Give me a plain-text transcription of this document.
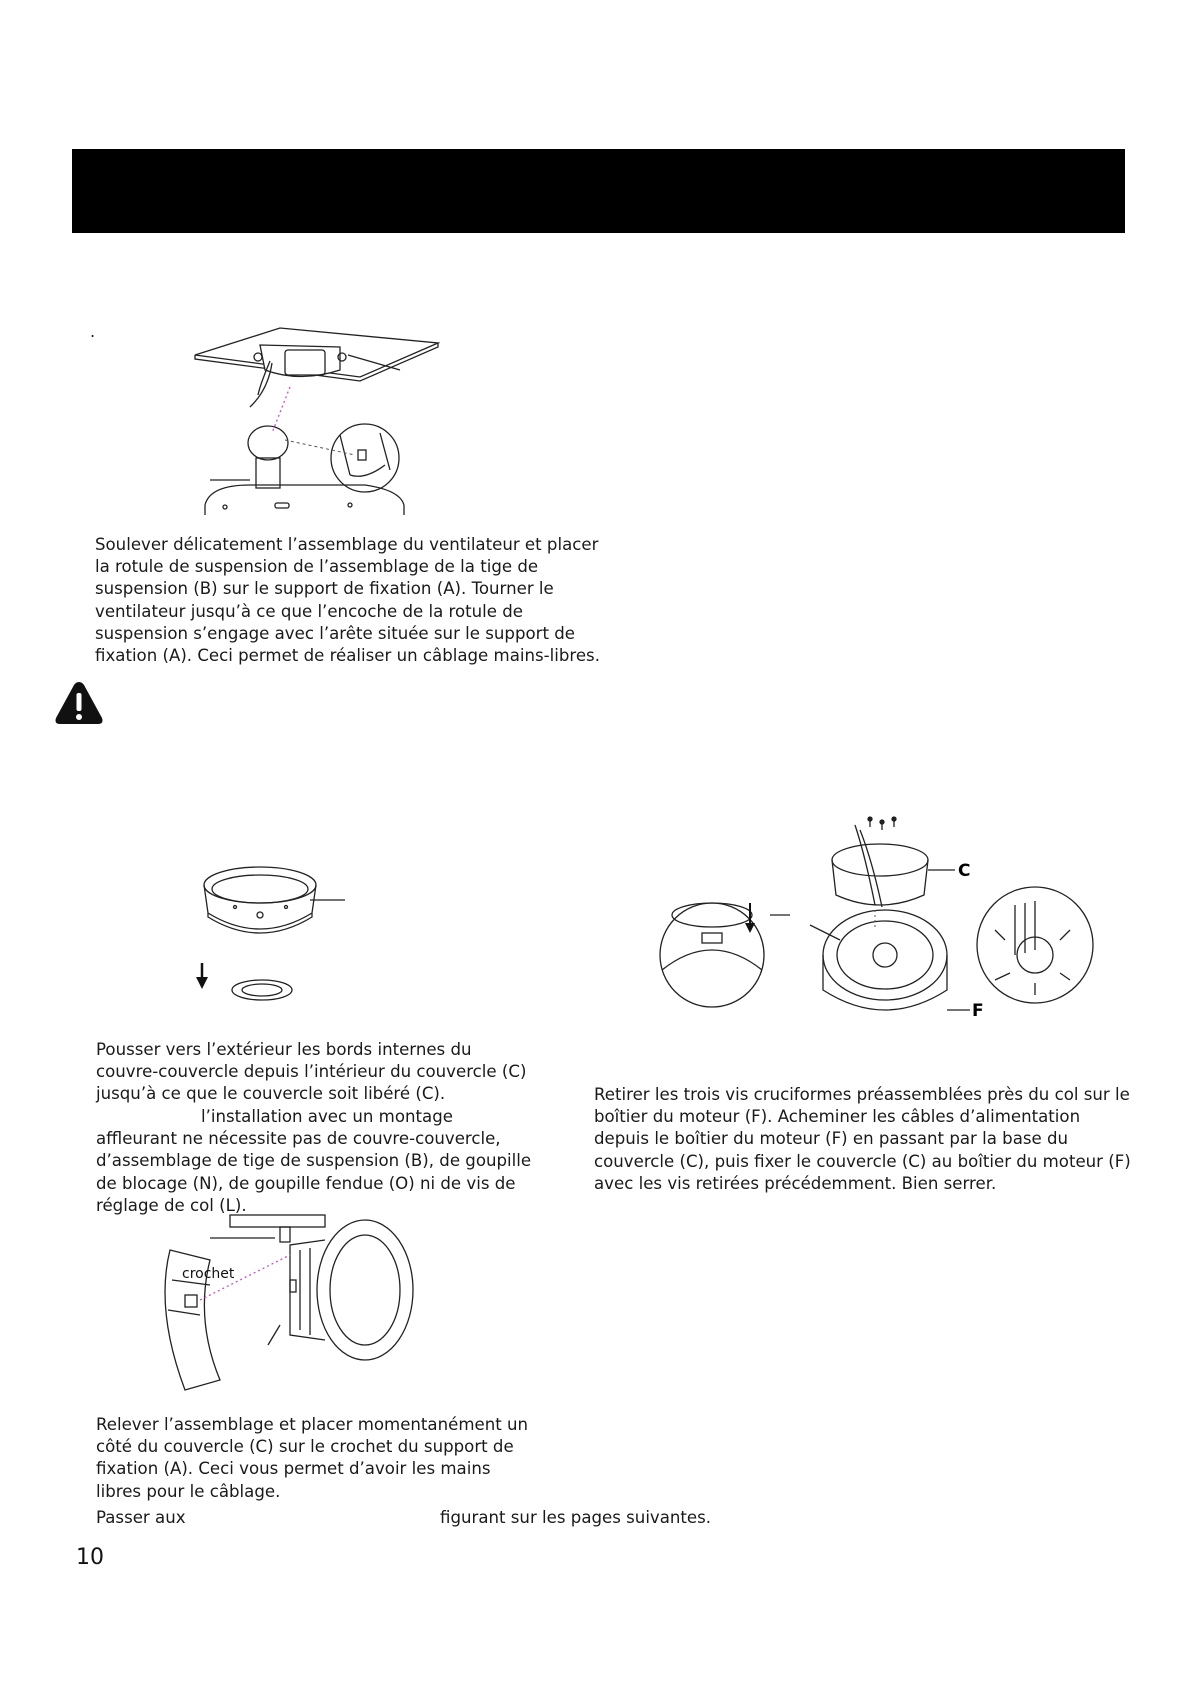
.

Soulever délicatement l’assemblage du ventilateur et placer la rotule de suspension de l’assemblage de la tige de suspension (B) sur le support de fixation (A). Tourner le ventilateur jusqu’à ce que l’encoche de la rotule de suspension s’engage avec l’arête située sur le support de fixation (A). Ceci permet de réaliser un câblage mains-libres.

Pousser vers l’extérieur les bords internes du couvre-couvercle depuis l’intérieur du couvercle (C) jusqu’à ce que le couvercle soit libéré (C).

l’installation avec un montage affleurant ne nécessite pas de couvre-couvercle, d’assemblage de tige de suspension (B), de goupille de blocage (N), de goupille fendue (O) ni de vis de réglage de col (L).

crochet

Relever l’assemblage et placer momentanément un côté du couvercle (C) sur le crochet du support de fixation (A). Ceci vous permet d’avoir les mains libres pour le câblage.

Passer aux	figurant sur les pages suivantes.
C
F

Retirer les trois vis cruciformes préassemblées près du col sur le boîtier du moteur (F). Acheminer les câbles d’alimentation depuis le boîtier du moteur (F) en passant par la base du couvercle (C), puis fixer le couvercle (C) au boîtier du moteur (F) avec les vis retirées précédemment. Bien serrer.

10
